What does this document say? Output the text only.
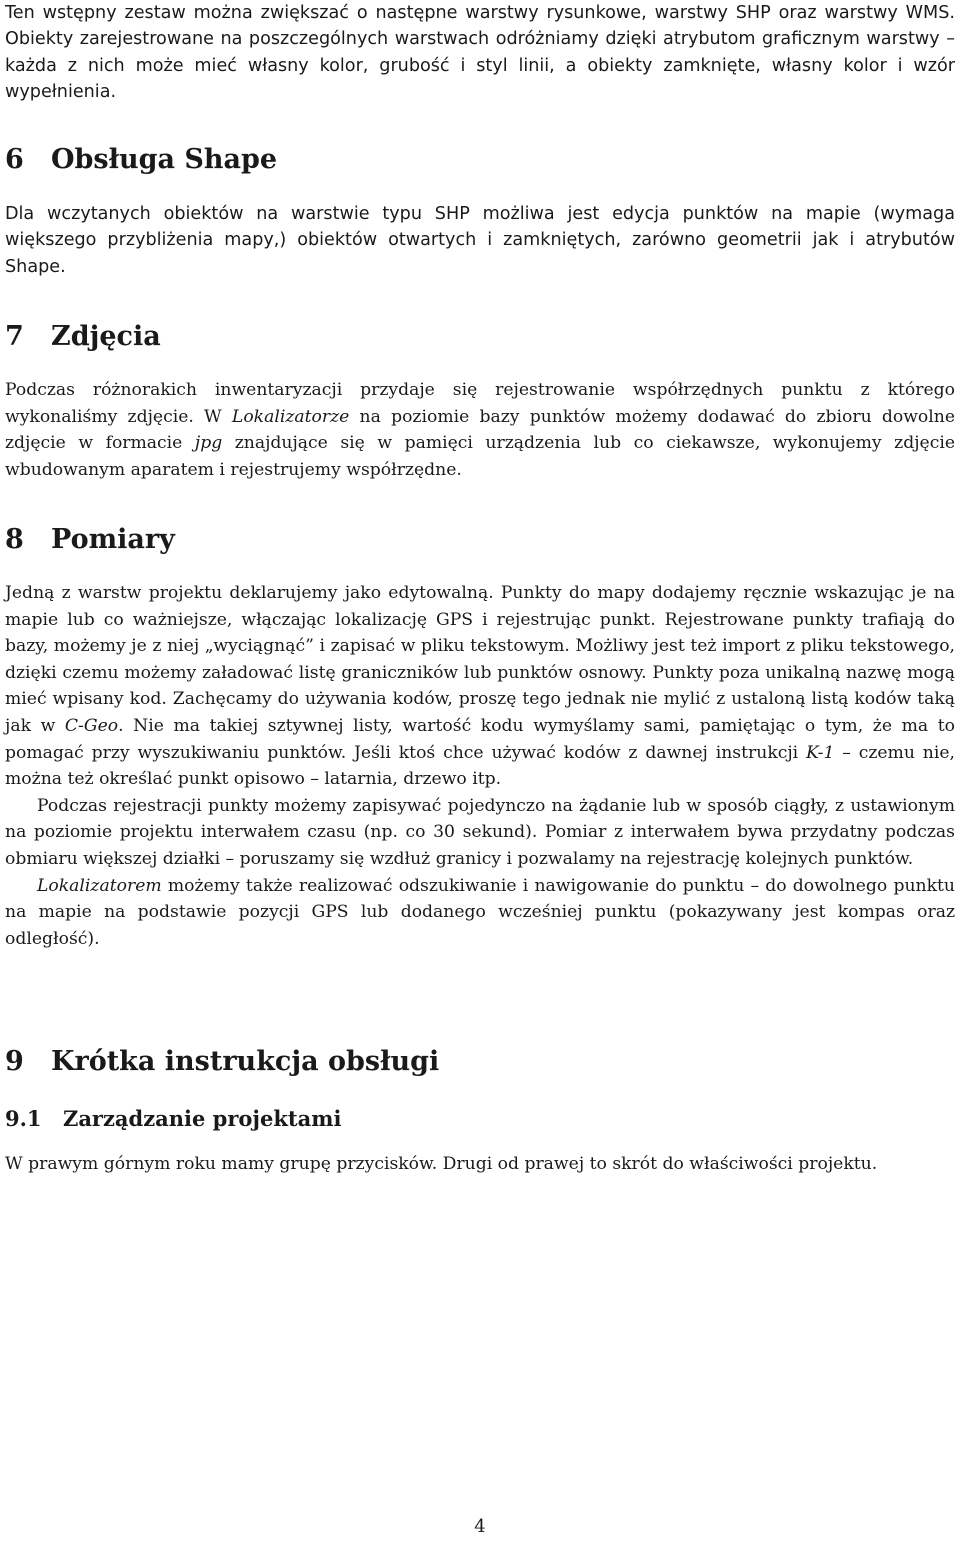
Ten wstępny zestaw można zwiększać o następne warstwy rysunkowe, warstwy SHP oraz warstwy WMS. Obiekty zarejestrowane na poszczególnych warstwach odróżniamy dzięki atrybutom graficznym warstwy – każda z nich może mieć własny kolor, grubość i styl linii, a obiekty zamknięte, własny kolor i wzór wypełnienia.

6	Obsługa Shape

Dla wczytanych obiektów na warstwie typu SHP możliwa jest edycja punktów na mapie (wymaga większego przybliżenia mapy,) obiektów otwartych i zamkniętych, zarówno geometrii jak i atrybutów Shape.

7	Zdjęcia

Podczas różnorakich inwentaryzacji przydaje się rejestrowanie współrzędnych punktu z którego wykonaliśmy zdjęcie. W Lokalizatorze na poziomie bazy punktów możemy dodawać do zbioru dowolne zdjęcie w formacie jpg znajdujące się w pamięci urządzenia lub co ciekawsze, wykonujemy zdjęcie wbudowanym aparatem i rejestrujemy współrzędne.

8	Pomiary

Jedną z warstw projektu deklarujemy jako edytowalną. Punkty do mapy dodajemy ręcznie wskazując je na mapie lub co ważniejsze, włączając lokalizację GPS i rejestrując punkt. Rejestrowane punkty trafiają do bazy, możemy je z niej „wyciągnąć” i zapisać w pliku tekstowym. Możliwy jest też import z pliku tekstowego, dzięki czemu możemy załadować listę graniczników lub punktów osnowy. Punkty poza unikalną nazwę mogą mieć wpisany kod. Zachęcamy do używania kodów, proszę tego jednak nie mylić z ustaloną listą kodów taką jak w C-Geo. Nie ma takiej sztywnej listy, wartość kodu wymyślamy sami, pamiętając o tym, że ma to pomagać przy wyszukiwaniu punktów. Jeśli ktoś chce używać kodów z dawnej instrukcji K-1 – czemu nie, można też określać punkt opisowo – latarnia, drzewo itp.

Podczas rejestracji punkty możemy zapisywać pojedynczo na żądanie lub w sposób ciągły, z ustawionym na poziomie projektu interwałem czasu (np. co 30 sekund). Pomiar z interwałem bywa przydatny podczas obmiaru większej działki – poruszamy się wzdłuż granicy i pozwalamy na rejestrację kolejnych punktów.

Lokalizatorem możemy także realizować odszukiwanie i nawigowanie do punktu – do dowolnego punktu na mapie na podstawie pozycji GPS lub dodanego wcześniej punktu (pokazywany jest kompas oraz odległość).

9	Krótka instrukcja obsługi
9.1	Zarządzanie projektami

W prawym górnym roku mamy grupę przycisków. Drugi od prawej to skrót do właściwości projektu.

4
